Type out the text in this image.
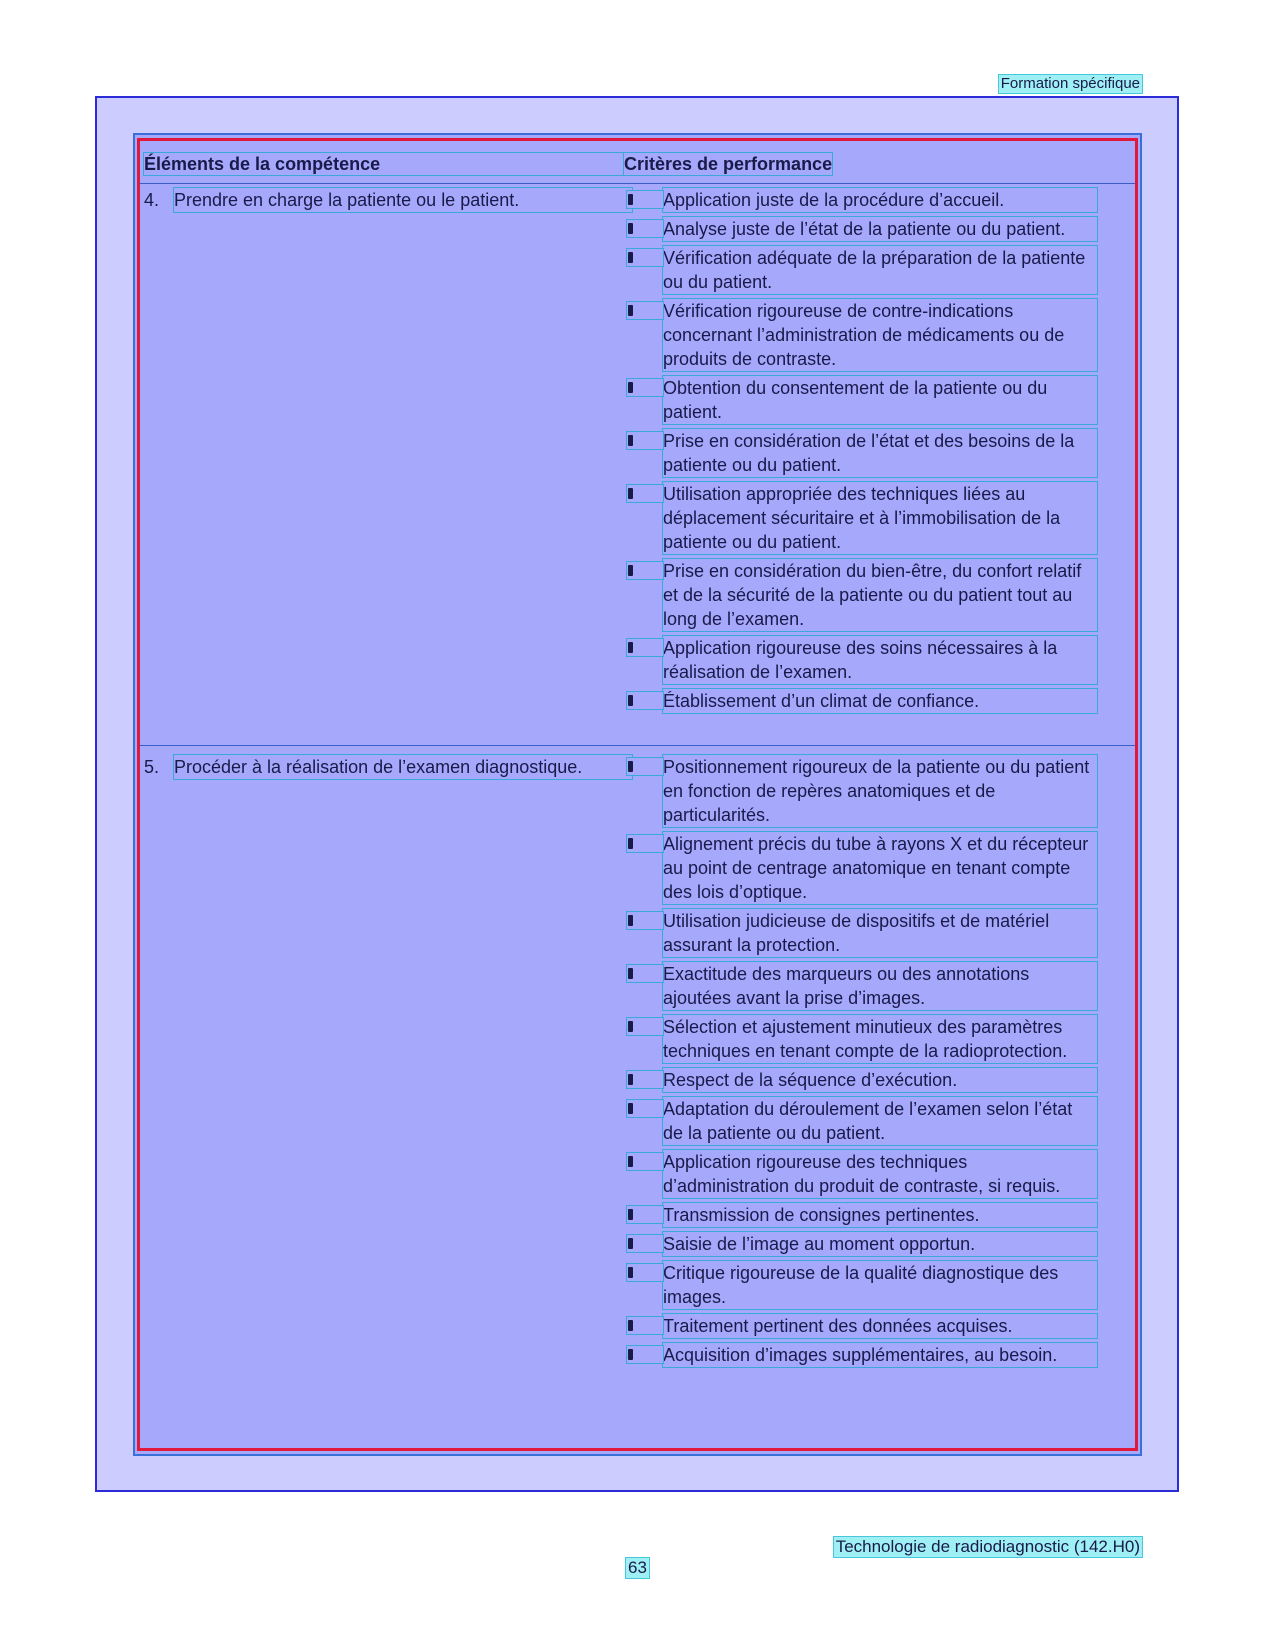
Formation spécifique
Éléments de la compétence	Critères de performance
4. Prendre en charge la patiente ou le patient.	Application juste de la procédure d’accueil.
Analyse juste de l’état de la patiente ou du patient.
Vérification adéquate de la préparation de la patiente ou du patient.
Vérification rigoureuse de contre-indications concernant l’administration de médicaments ou de produits de contraste.
Obtention du consentement de la patiente ou du patient.
Prise en considération de l’état et des besoins de la patiente ou du patient.
Utilisation appropriée des techniques liées au déplacement sécuritaire et à l’immobilisation de la patiente ou du patient.
Prise en considération du bien-être, du confort relatif et de la sécurité de la patiente ou du patient tout au long de l’examen.
Application rigoureuse des soins nécessaires à la réalisation de l’examen.
Établissement d’un climat de confiance.
5. Procéder à la réalisation de l’examen diagnostique.	Positionnement rigoureux de la patiente ou du patient en fonction de repères anatomiques et de particularités.
Alignement précis du tube à rayons X et du récepteur au point de centrage anatomique en tenant compte des lois d’optique.
Utilisation judicieuse de dispositifs et de matériel assurant la protection.
Exactitude des marqueurs ou des annotations ajoutées avant la prise d’images.
Sélection et ajustement minutieux des paramètres techniques en tenant compte de la radioprotection.
Respect de la séquence d’exécution.
Adaptation du déroulement de l’examen selon l’état de la patiente ou du patient.
Application rigoureuse des techniques d’administration du produit de contraste, si requis.
Transmission de consignes pertinentes.
Saisie de l’image au moment opportun.
Critique rigoureuse de la qualité diagnostique des images.
Traitement pertinent des données acquises.
Acquisition d’images supplémentaires, au besoin.
Technologie de radiodiagnostic (142.H0)
63
